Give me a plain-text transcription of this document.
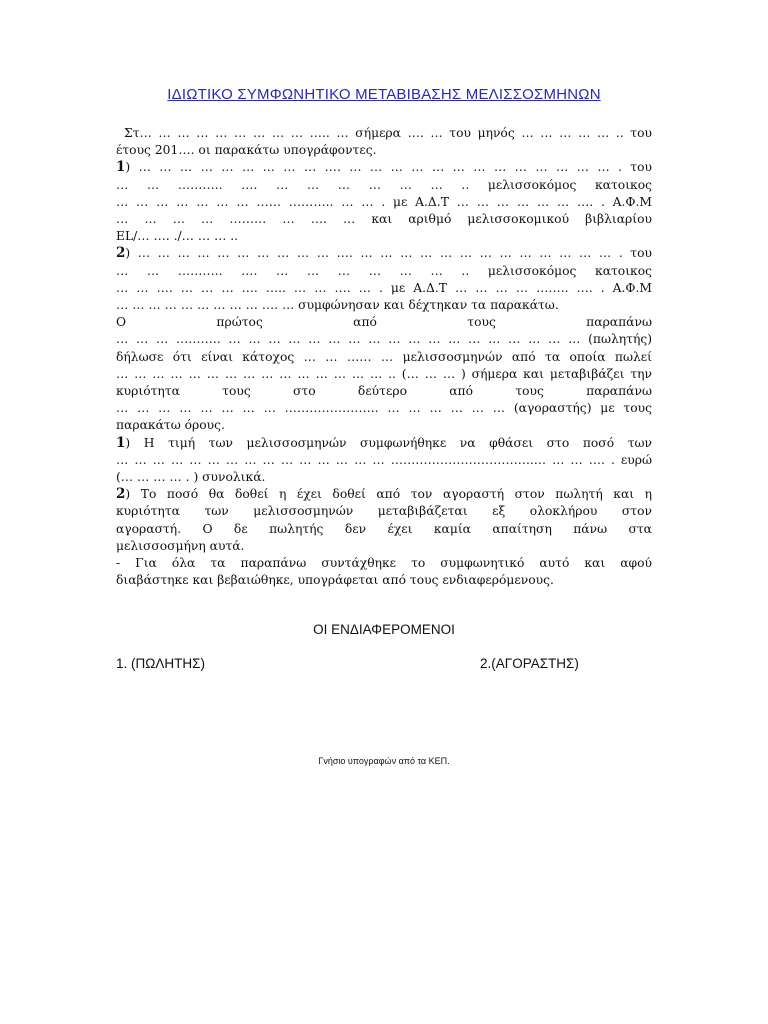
ΙΔΙΩΤΙΚΟ ΣΥΜΦΩΝΗΤΙΚΟ ΜΕΤΑΒΙΒΑΣΗΣ ΜΕΛΙΣΣΟΣΜΗΝΩΝ
Στ… … … … … … … … … ….. … σήμερα …. … του μηνός … … … … … .. του
έτους 201…. οι παρακάτω υπογράφοντες.
1) … … … … … … … … … …. … … … … … … … … … … … … … . του
… … ……….. …. … … … … … … .. μελισσοκόμος κατοικος
… … … … … … … …… ……….. … … . με Α.Δ.Τ … … … … … … …. . Α.Φ.Μ
… … … … ……… … …. … και αριθμό μελισσοκομικού βιβλιαρίου
EL/… …. ./… … … ..
2) … … … … … … … … … … …. … … … … … … … … … … … … … . του
… … ……….. …. … … … … … … .. μελισσοκόμος κατοικος
… … …. … … … …. ….. … … …. … . με Α.Δ.Τ … … … … …….. …. . Α.Φ.Μ
… … … … … … … … … …. … συμφώνησαν και δέχτηκαν τα παρακάτω.
Ο πρώτος από τους παραπάνω
… … … ……….. … … … … … … … … … … … … … … … … … … (πωλητής)
δήλωσε ότι είναι κάτοχος … … …… … μελισσοσμηνών από τα οποία πωλεί
… … … … … … … … … … … … … … … .. (… … … ) σήμερα και μεταβιβάζει την
κυριότητα τους στο δεύτερο από τους παραπάνω
… … … … … … … … ………………….. … … … … … … (αγοραστής) με τους
παρακάτω όρους.
1) Η τιμή των μελισσοσμηνών συμφωνήθηκε να φθάσει στο ποσό των
… … … … … … … … … … … … … … … ……………………………..… … … …. . ευρώ
(… … … … . ) συνολικά.
2) Το ποσό θα δοθεί η έχει δοθεί από τον αγοραστή στον πωλητή και η
κυριότητα των μελισσοσμηνών μεταβιβάζεται εξ ολοκλήρου στον
αγοραστή. Ο δε πωλητής δεν έχει καμία απαίτηση πάνω στα
μελισσοσμήνη αυτά.
- Για όλα τα παραπάνω συντάχθηκε το συμφωνητικό αυτό και αφού
διαβάστηκε και βεβαιώθηκε, υπογράφεται από τους ενδιαφερόμενους.
ΟΙ ΕΝΔΙΑΦΕΡΟΜΕΝΟΙ
1. (ΠΩΛΗΤΗΣ)	2.(ΑΓΟΡΑΣΤΗΣ)
Γνήσιο υπογραφών από τα ΚΕΠ.
